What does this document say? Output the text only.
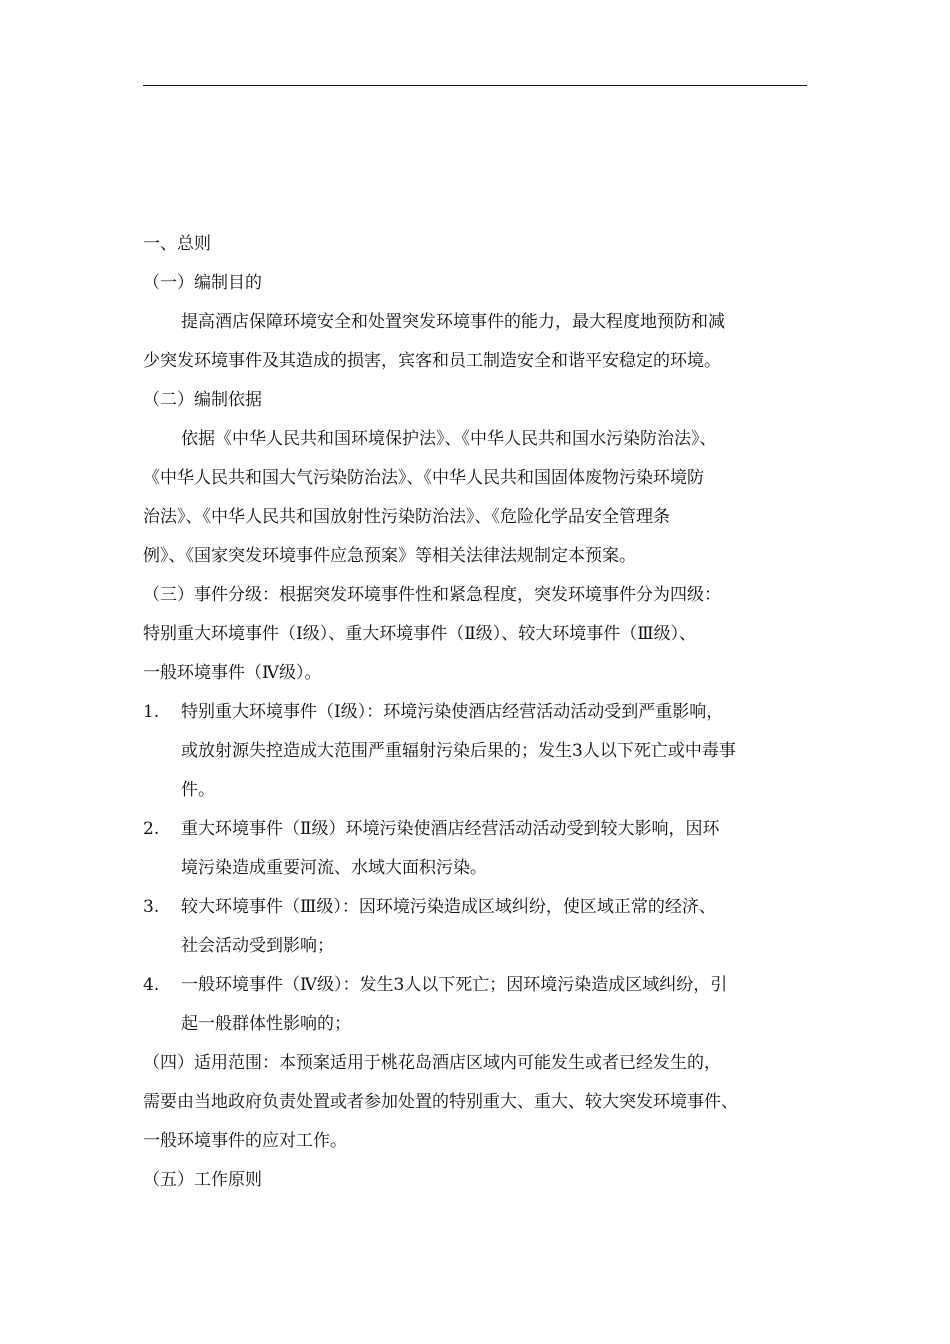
一、总则

（一）编制目的

提高酒店保障环境安全和处置突发环境事件的能力，最大程度地预防和减

少突发环境事件及其造成的损害，宾客和员工制造安全和谐平安稳定的环境。

（二）编制依据

依据《中华人民共和国环境保护法》、《中华人民共和国水污染防治法》、

《中华人民共和国大气污染防治法》、《中华人民共和国固体废物污染环境防

治法》、《中华人民共和国放射性污染防治法》、《危险化学品安全管理条

例》、《国家突发环境事件应急预案》等相关法律法规制定本预案。

（三）事件分级：根据突发环境事件性和紧急程度，突发环境事件分为四级：

特别重大环境事件（Ⅰ级）、重大环境事件（Ⅱ级）、较大环境事件（Ⅲ级）、

一般环境事件（Ⅳ级）。

1.	特别重大环境事件（Ⅰ级）：环境污染使酒店经营活动活动受到严重影响，
或放射源失控造成大范围严重辐射污染后果的；发生3人以下死亡或中毒事
件。
2.	重大环境事件（Ⅱ级）环境污染使酒店经营活动活动受到较大影响，因环
境污染造成重要河流、水域大面积污染。
3.	较大环境事件（Ⅲ级）：因环境污染造成区域纠纷，使区域正常的经济、
社会活动受到影响；
4.	一般环境事件（Ⅳ级）：发生3人以下死亡；因环境污染造成区域纠纷，引
起一般群体性影响的；

（四）适用范围：本预案适用于桃花岛酒店区域内可能发生或者已经发生的，

需要由当地政府负责处置或者参加处置的特别重大、重大、较大突发环境事件、

一般环境事件的应对工作。

（五）工作原则
